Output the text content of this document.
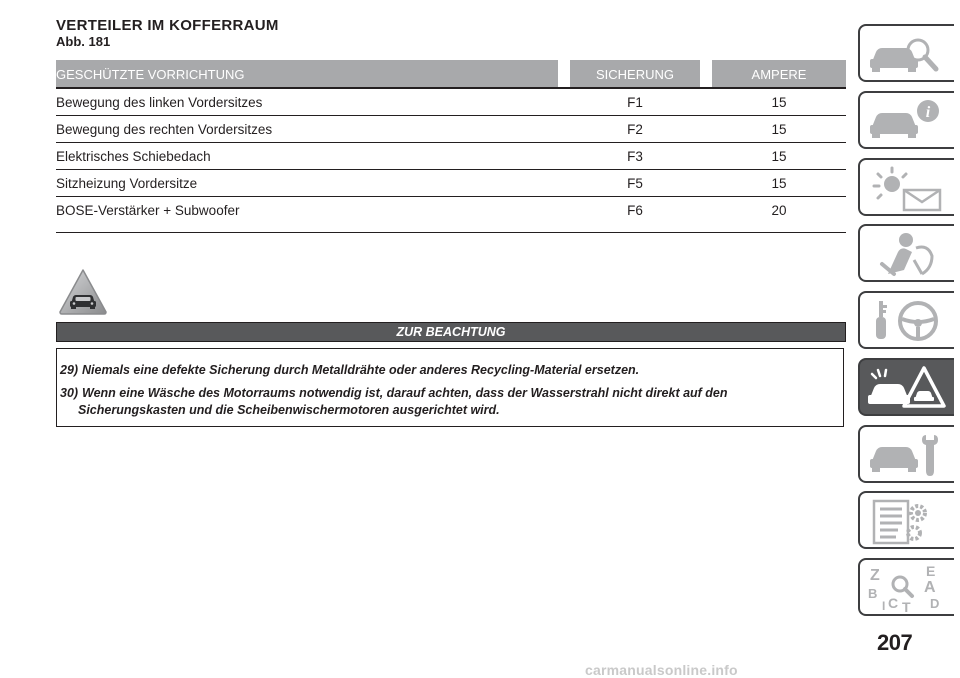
VERTEILER IM KOFFERRAUM
Abb. 181
GESCHÜTZTE VORRICHTUNG	SICHERUNG	AMPERE
Bewegung des linken Vordersitzes	F1	15
Bewegung des rechten Vordersitzes	F2	15
Elektrisches Schiebedach	F3	15
Sitzheizung Vordersitze	F5	15
BOSE-Verstärker + Subwoofer	F6	20
ZUR BEACHTUNG
29) Niemals eine defekte Sicherung durch Metalldrähte oder anderes Recycling-Material ersetzen.
30) Wenn eine Wäsche des Motorraums notwendig ist, darauf achten, dass der Wasserstrahl nicht direkt auf den
Sicherungskasten und die Scheibenwischermotoren ausgerichtet wird.
i
Z	E
A
B
C T D
I
207
carmanualsonline.info
